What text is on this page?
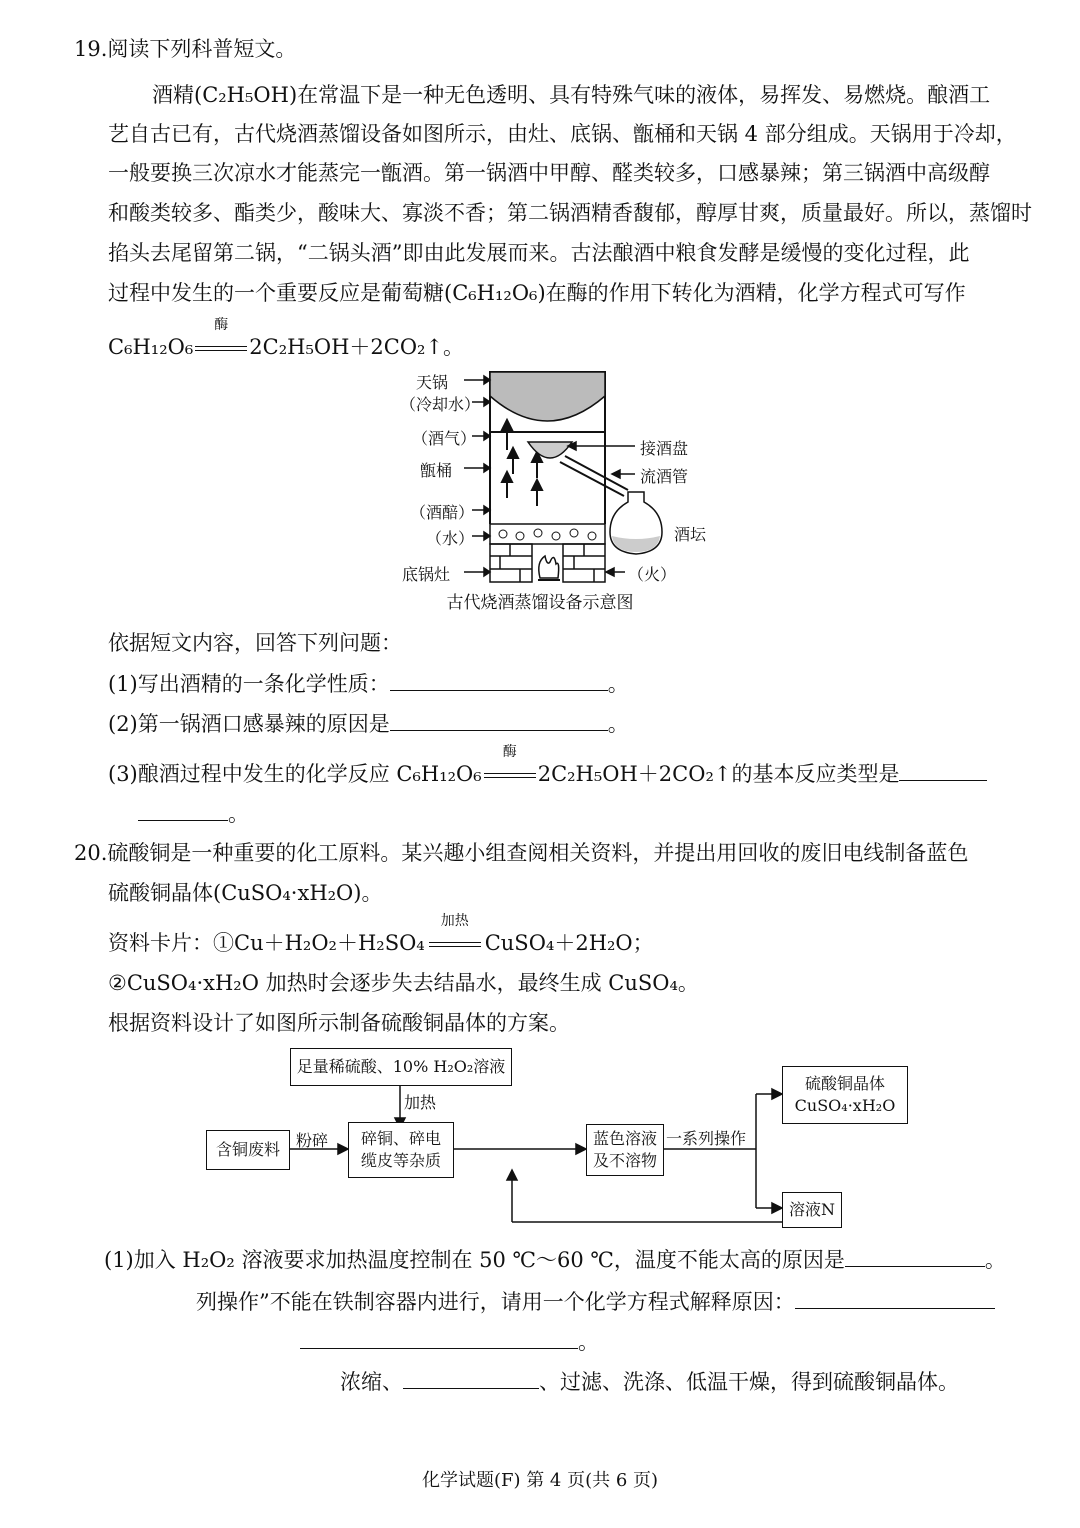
19.阅读下列科普短文。
酒精(C₂H₅OH)在常温下是一种无色透明、具有特殊气味的液体，易挥发、易燃烧。酿酒工
艺自古已有，古代烧酒蒸馏设备如图所示，由灶、底锅、甑桶和天锅 4 部分组成。天锅用于冷却，
一般要换三次凉水才能蒸完一甑酒。第一锅酒中甲醇、醛类较多，口感暴辣；第三锅酒中高级醇
和酸类较多、酯类少，酸味大、寡淡不香；第二锅酒精香馥郁，醇厚甘爽，质量最好。所以，蒸馏时
掐头去尾留第二锅，“二锅头酒”即由此发展而来。古法酿酒中粮食发酵是缓慢的变化过程，此
过程中发生的一个重要反应是葡萄糖(C₆H₁₂O₆)在酶的作用下转化为酒精，化学方程式可写作
C₆H₁₂O₆
酶
2C₂H₅OH＋2CO₂↑。
天锅
（冷却水）
（酒气）
甑桶
（酒醅）
（水）
底锅灶
接酒盘
流酒管
酒坛
（火）
古代烧酒蒸馏设备示意图
依据短文内容，回答下列问题：
(1)写出酒精的一条化学性质：	。
(2)第一锅酒口感暴辣的原因是	。
(3)酿酒过程中发生的化学反应 C₆H₁₂O₆
酶
2C₂H₅OH＋2CO₂↑的基本反应类型是
。
20.硫酸铜是一种重要的化工原料。某兴趣小组查阅相关资料，并提出用回收的废旧电线制备蓝色
硫酸铜晶体(CuSO₄·xH₂O)。
资料卡片：①Cu＋H₂O₂＋H₂SO₄
加热
CuSO₄＋2H₂O；
②CuSO₄·xH₂O 加热时会逐步失去结晶水，最终生成 CuSO₄。
根据资料设计了如图所示制备硫酸铜晶体的方案。
足量稀硫酸、10% H₂O₂溶液
加热
含铜废料	粉碎 碎铜、碎电
缆皮等杂质
蓝色溶液
及不溶物
一系列操作
硫酸铜晶体
CuSO₄·xH₂O
溶液N
(1)加入 H₂O₂ 溶液要求加热温度控制在 50 ℃～60 ℃，温度不能太高的原因是	。
列操作”不能在铁制容器内进行，请用一个化学方程式解释原因：
。
浓缩、	、过滤、洗涤、低温干燥，得到硫酸铜晶体。
化学试题(F) 第 4 页(共 6 页)
